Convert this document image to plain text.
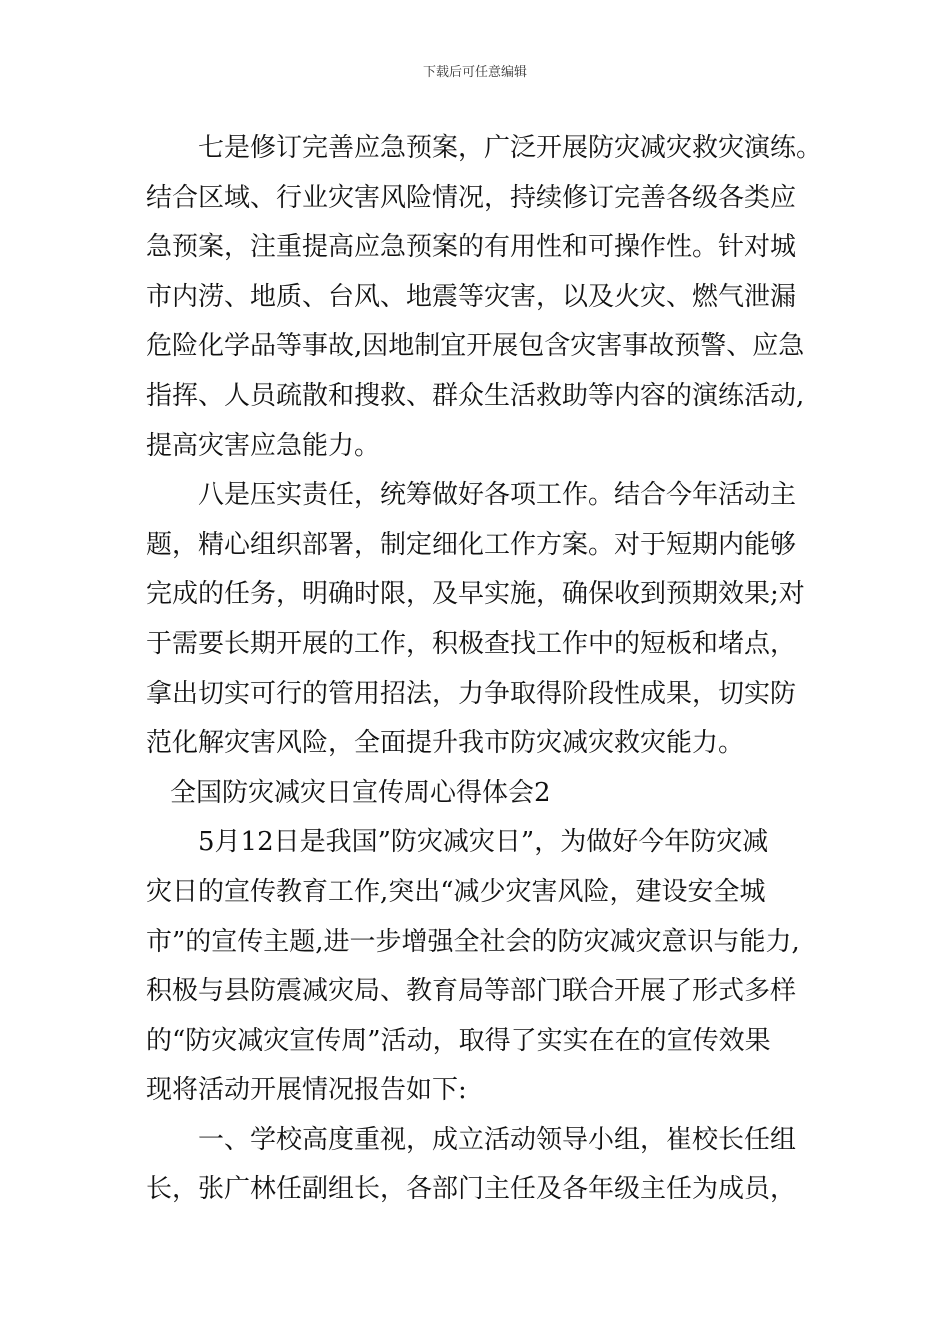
下载后可任意编辑
七是修订完善应急预案，广泛开展防灾减灾救灾演练。
结合区域、行业灾害风险情况，持续修订完善各级各类应
急预案，注重提高应急预案的有用性和可操作性。针对城
市内涝、地质、台风、地震等灾害，以及火灾、燃气泄漏
危险化学品等事故,因地制宜开展包含灾害事故预警、应急
指挥、人员疏散和搜救、群众生活救助等内容的演练活动,
提高灾害应急能力。
八是压实责任，统筹做好各项工作。结合今年活动主
题，精心组织部署，制定细化工作方案。对于短期内能够
完成的任务，明确时限，及早实施，确保收到预期效果;对
于需要长期开展的工作，积极查找工作中的短板和堵点，
拿出切实可行的管用招法，力争取得阶段性成果，切实防
范化解灾害风险，全面提升我市防灾减灾救灾能力。
全国防灾减灾日宣传周心得体会2
5月12日是我国”防灾减灾日”，为做好今年防灾减
灾日的宣传教育工作,突出“减少灾害风险，建设安全城
市”的宣传主题,进一步增强全社会的防灾减灾意识与能力,
积极与县防震减灾局、教育局等部门联合开展了形式多样
的“防灾减灾宣传周”活动，取得了实实在在的宣传效果
现将活动开展情况报告如下:
一、学校高度重视，成立活动领导小组，崔校长任组
长，张广林任副组长，各部门主任及各年级主任为成员，
